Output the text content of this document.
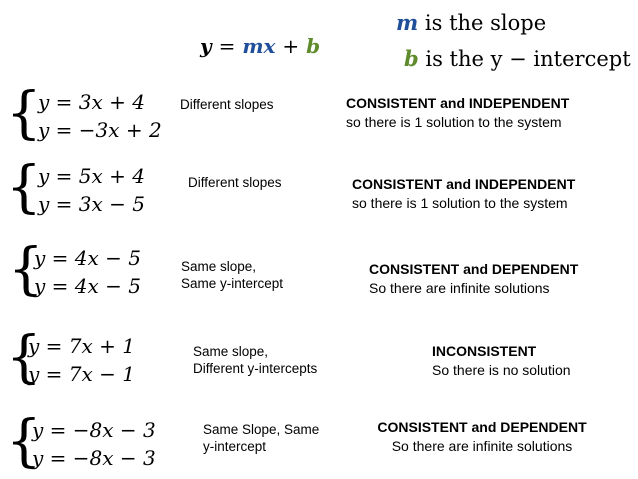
y = mx + b
m is the slope
b is the y − intercept
{
y = 3x + 4
y = −3x + 2
Different slopes	CONSISTENT and INDEPENDENT
so there is 1 solution to the system
{
y = 5x + 4
y = 3x − 5
Different slopes	CONSISTENT and INDEPENDENT
so there is 1 solution to the system
{
y = 4x − 5
y = 4x − 5
Same slope,
Same y-intercept
CONSISTENT and DEPENDENT
So there are infinite solutions
{
y = 7x + 1
y = 7x − 1
Same slope,
Different y-intercepts
INCONSISTENT
So there is no solution
{
y = −8x − 3
y = −8x − 3
Same Slope, Same
y-intercept
CONSISTENT and DEPENDENT
So there are infinite solutions
